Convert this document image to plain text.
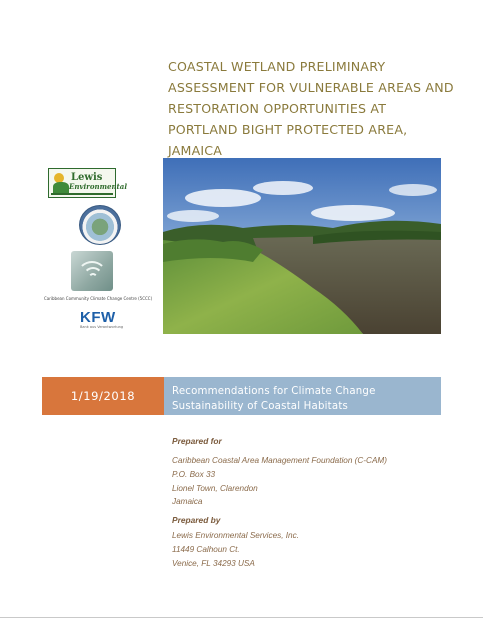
COASTAL WETLAND PRELIMINARY
ASSESSMENT FOR VULNERABLE AREAS AND
RESTORATION OPPORTUNITIES AT
PORTLAND BIGHT PROTECTED AREA,
JAMAICA
Lewis
Environmental
Caribbean Community Climate Change Centre (5CCC)
KFW
Bank aus Verantwortung
1/19/2018	Recommendations for Climate Change
Sustainability of Coastal Habitats
Prepared for
Caribbean Coastal Area Management Foundation (C-CAM)
P.O. Box 33
Lionel Town, Clarendon
Jamaica
Prepared by
Lewis Environmental Services, Inc.
11449 Calhoun Ct.
Venice, FL 34293 USA
